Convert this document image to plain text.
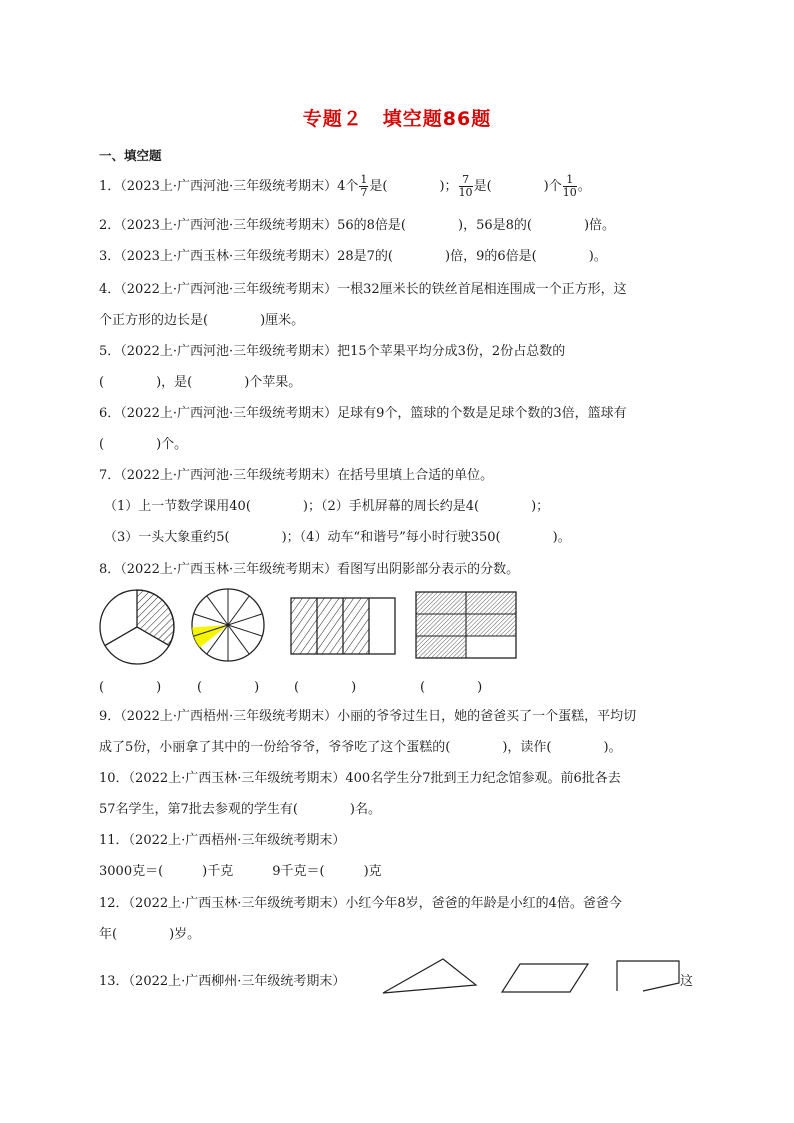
专题２　填空题86题
一、填空题
1．（2023上·广西河池·三年级统考期末）4个 $\frac{1}{7}$ 是(　　　　)； $\frac{7}{10}$ 是(　　　　)个 $\frac{1}{10}$ 。
2．（2023上·广西河池·三年级统考期末）56的8倍是(　　　　)，56是8的(　　　　)倍。
3．（2023上·广西玉林·三年级统考期末）28是7的(　　　　)倍，9的6倍是(　　　　)。
4．（2022上·广西河池·三年级统考期末）一根32厘米长的铁丝首尾相连围成一个正方形，这
个正方形的边长是(　　　　)厘米。
5．（2022上·广西河池·三年级统考期末）把15个苹果平均分成3份，2份占总数的
(　　　　)，是(　　　　)个苹果。
6．（2022上·广西河池·三年级统考期末）足球有9个，篮球的个数是足球个数的3倍，篮球有
(　　　　)个。
7．（2022上·广西河池·三年级统考期末）在括号里填上合适的单位。
（1）上一节数学课用40(　　　　)；（2）手机屏幕的周长约是4(　　　　)；
（3）一头大象重约5(　　　　)；（4）动车“和谐号”每小时行驶350(　　　　)。
8．（2022上·广西玉林·三年级统考期末）看图写出阴影部分表示的分数。
(　　　　)	(　　　　)	(　　　　)	(　　　　)
9．（2022上·广西梧州·三年级统考期末）小丽的爷爷过生日，她的爸爸买了一个蛋糕，平均切
成了5份，小丽拿了其中的一份给爷爷，爷爷吃了这个蛋糕的(　　　　)，读作(　　　　)。
10．（2022上·广西玉林·三年级统考期末）400名学生分7批到王力纪念馆参观。前6批各去
57名学生，第7批去参观的学生有(　　　　)名。
11．（2022上·广西梧州·三年级统考期末）
3000克＝(　　　)千克　　　9千克＝(　　　)克
12．（2022上·广西玉林·三年级统考期末）小红今年8岁，爸爸的年龄是小红的4倍。爸爸今
年(　　　　)岁。
13．（2022上·广西柳州·三年级统考期末）	这
